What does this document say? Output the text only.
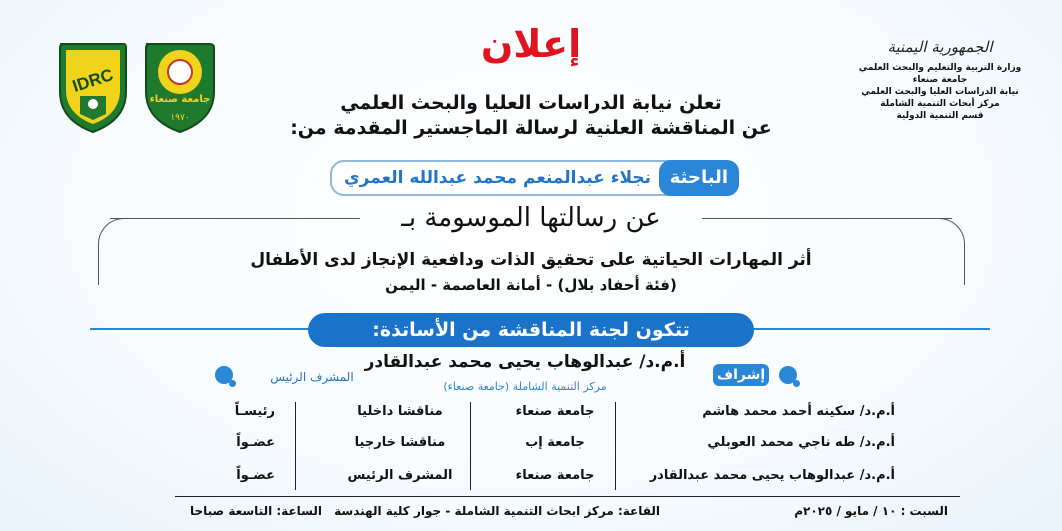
IDRC
جامعة صنعاء
١٩٧٠
الجمهورية اليمنية
وزارة التربية والتعليم والبحث العلمي
جامعة صنعاء
نيابة الدراسات العليا والبحث العلمي
مركز أبحاث التنمية الشاملة
قسم التنمية الدولية
إعلان
تعلن نيابة الدراسات العليا والبحث العلمي
عن المناقشة العلنية لرسالة الماجستير المقدمة من:
الباحثة
نجلاء عبدالمنعم محمد عبدالله العمري
عن رسالتها الموسومة بـ
أثر المهارات الحياتية على تحقيق الذات ودافعية الإنجاز لدى الأطفال
(فئة أحفاد بلال) - أمانة العاصمة - اليمن
تتكون لجنة المناقشة من الأساتذة:
إشراف
أ.م.د/ عبدالوهاب يحيى محمد عبدالقادر
مركز التنمية الشاملة (جامعة صنعاء)
المشرف الرئيس
أ.م.د/ سكينه أحمد محمد هاشم
جامعة صنعاء
مناقشا داخليا
رئيسـاً
أ.م.د/ طه ناجي محمد العوبلي
جامعة إب
مناقشا خارجيا
عضـواً
أ.م.د/ عبدالوهاب يحيى محمد عبدالقادر
جامعة صنعاء
المشرف الرئيس
عضـواً
السبت : ١٠ / مايو / ٢٠٢٥م
القاعة: مركز ابحاث التنمية الشاملة - جوار كلية الهندسة
الساعة: التاسعة صباحا
